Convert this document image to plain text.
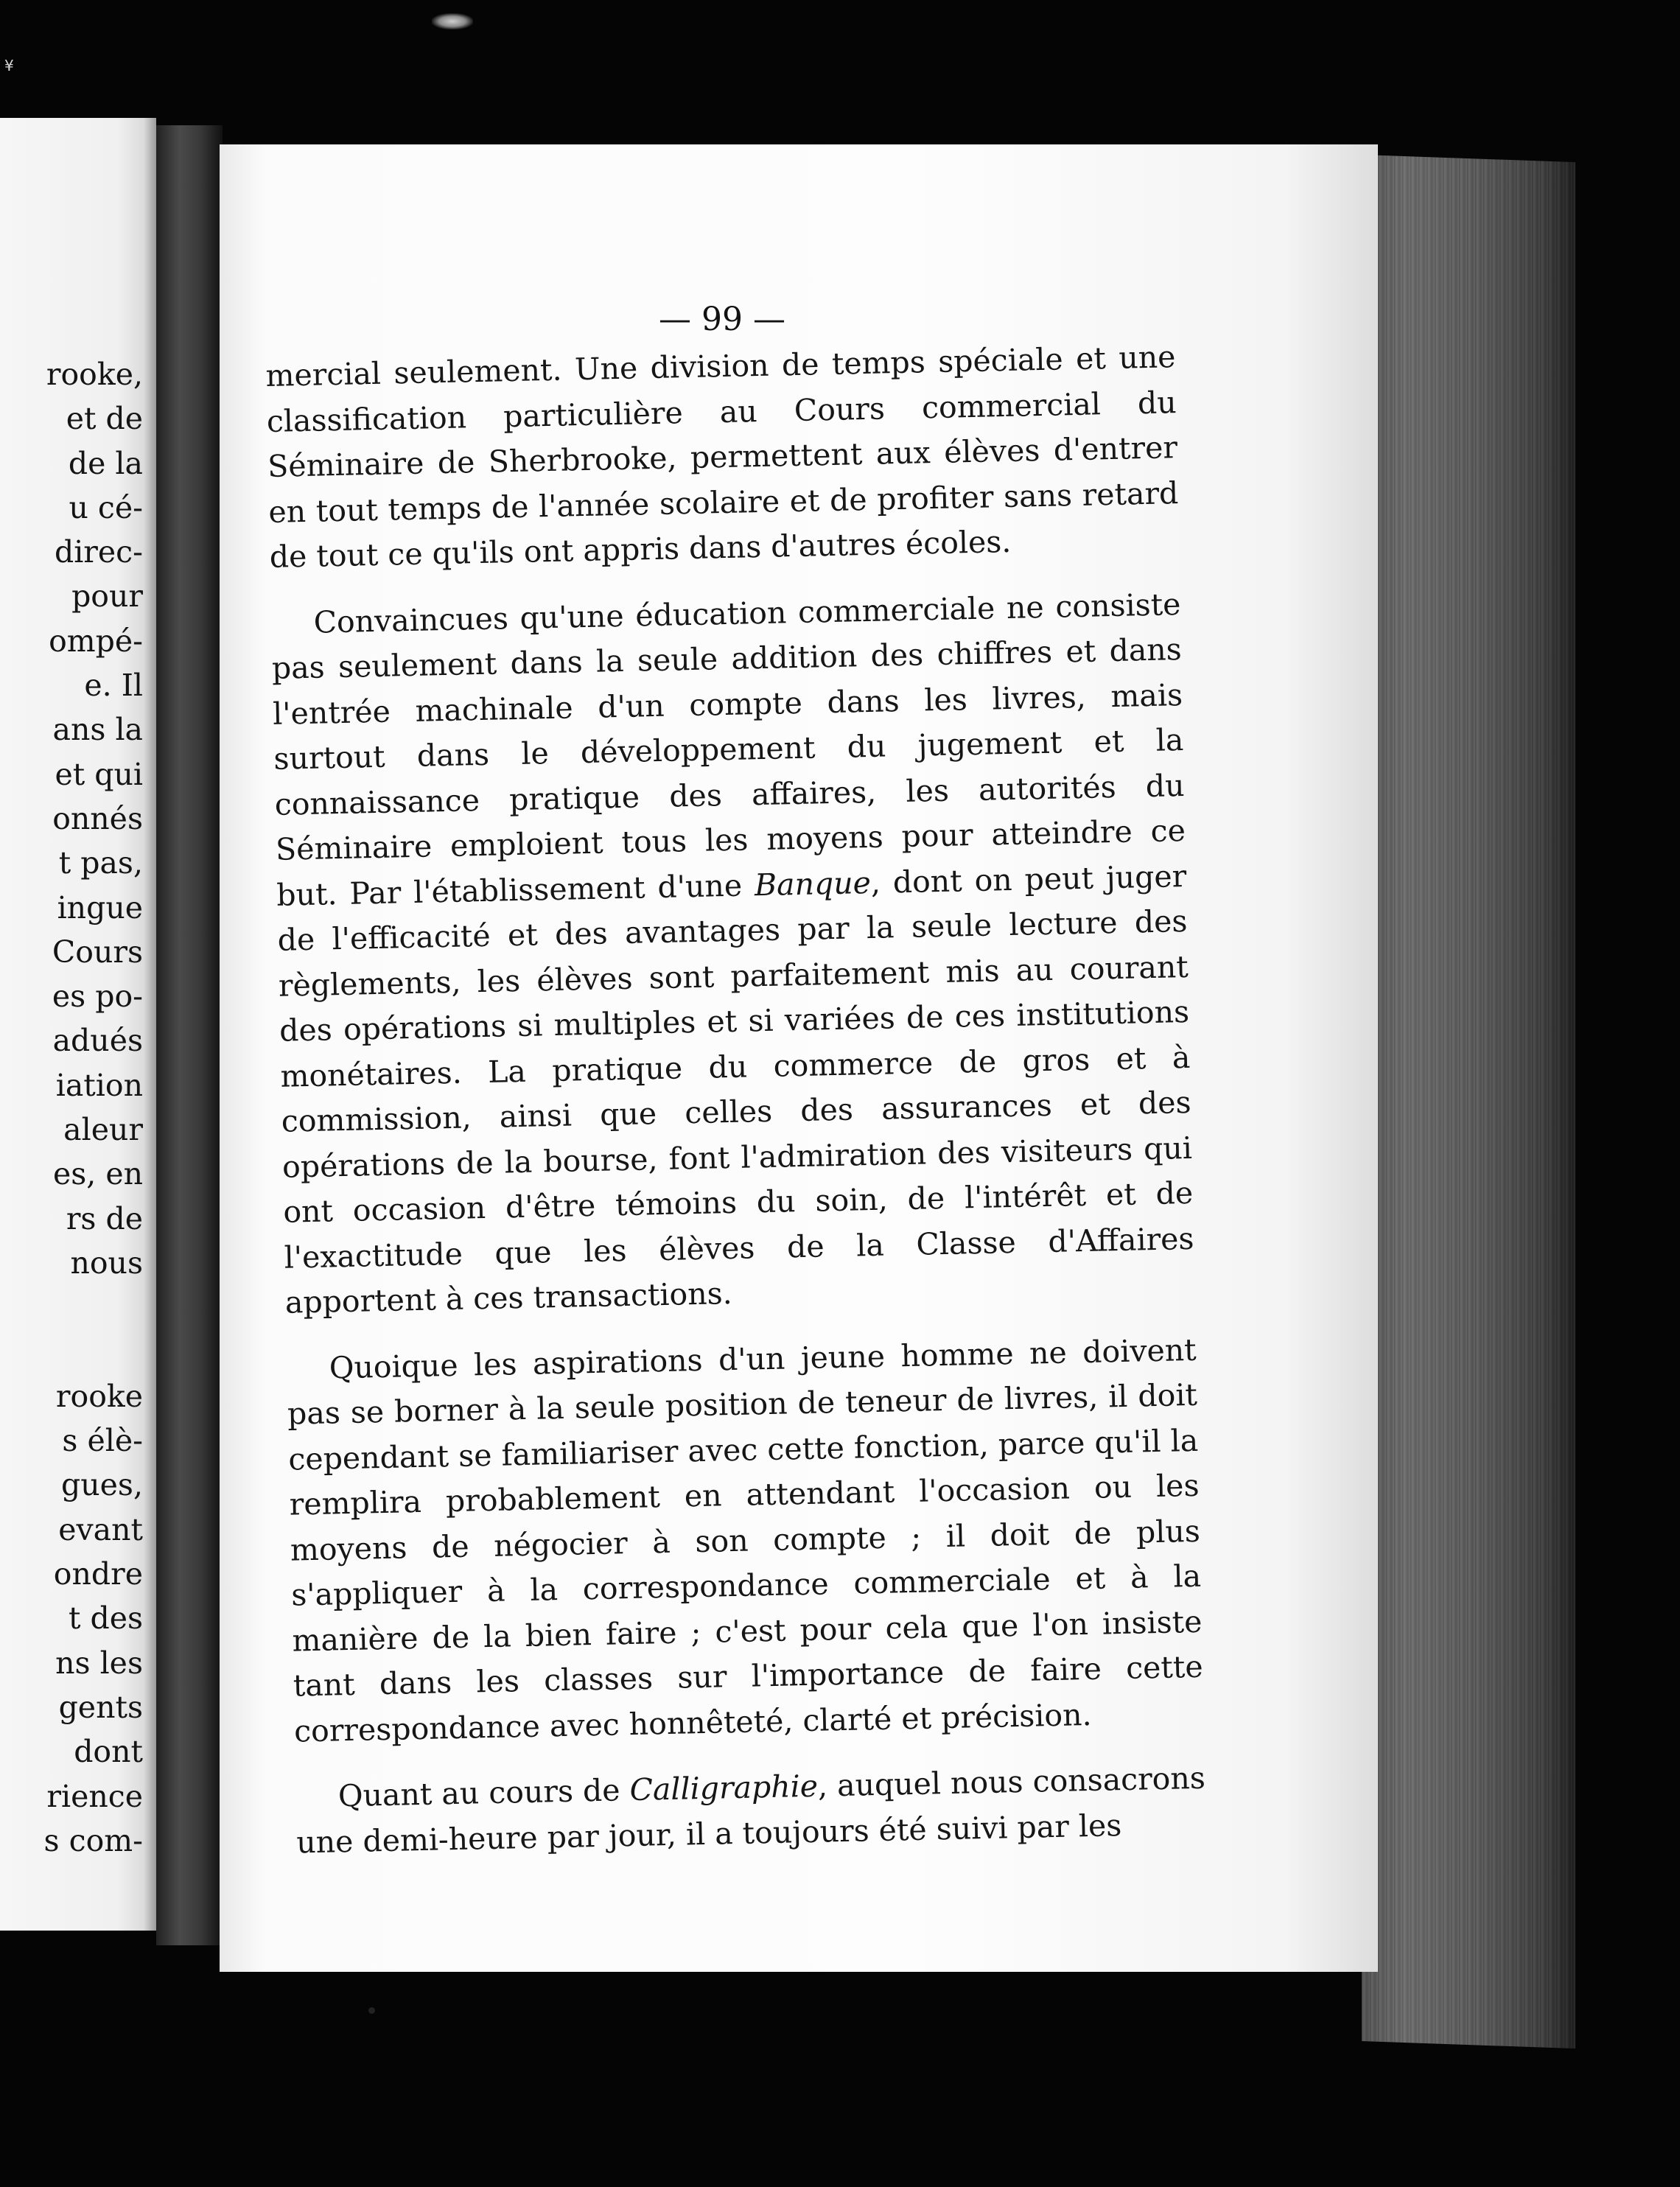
¥
rooke,
et de
de la
u cé-
direc-
pour
ompé-
e. Il
ans la
et qui
onnés
t pas,
ingue
Cours
es po-
adués
iation
aleur
es, en
rs de
nous

rooke
s élè-
gues,
evant
ondre
t des
ns les
gents
dont
rience
s com-

— 99 —

mercial seulement. Une division de temps spéciale et une classification particulière au Cours commercial du Séminaire de Sherbrooke, permettent aux élèves d'entrer en tout temps de l'année scolaire et de profiter sans retard de tout ce qu'ils ont appris dans d'autres écoles.

Convaincues qu'une éducation commerciale ne consiste pas seulement dans la seule addition des chiffres et dans l'entrée machinale d'un compte dans les livres, mais surtout dans le développement du jugement et la connaissance pratique des affaires, les autorités du Séminaire emploient tous les moyens pour atteindre ce but. Par l'établissement d'une Banque, dont on peut juger de l'efficacité et des avantages par la seule lecture des règlements, les élèves sont parfaitement mis au courant des opérations si multiples et si variées de ces institutions monétaires. La pratique du commerce de gros et à commission, ainsi que celles des assurances et des opérations de la bourse, font l'admiration des visiteurs qui ont occasion d'être témoins du soin, de l'intérêt et de l'exactitude que les élèves de la Classe d'Affaires apportent à ces transactions.

Quoique les aspirations d'un jeune homme ne doivent pas se borner à la seule position de teneur de livres, il doit cependant se familiariser avec cette fonction, parce qu'il la remplira probablement en attendant l'occasion ou les moyens de négocier à son compte ; il doit de plus s'appliquer à la correspondance commerciale et à la manière de la bien faire ; c'est pour cela que l'on insiste tant dans les classes sur l'importance de faire cette correspondance avec honnêteté, clarté et précision.

Quant au cours de Calligraphie, auquel nous consacrons une demi-heure par jour, il a toujours été suivi par les
